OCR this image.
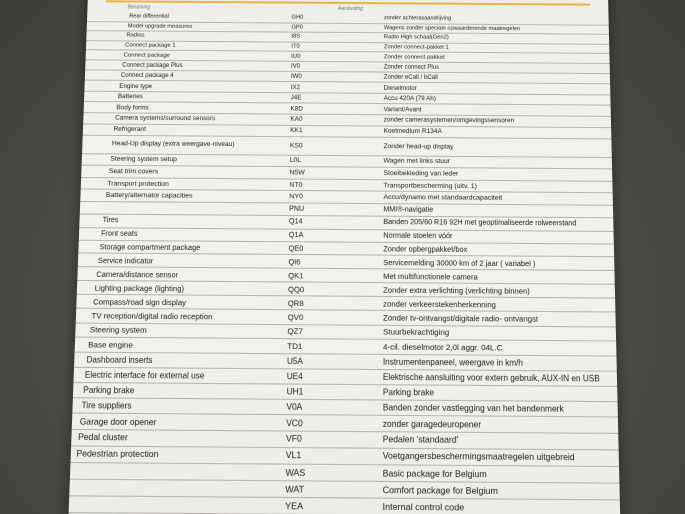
Benaming	Aanduiding
Rear differential	GH0	zonder achterasaandrijving
Model upgrade measures	GP0	Wagens zonder speciale opwaarderende maatregelen
Radios	I8S	Radio High schaal(Gen2)
Connect package 1	IT0	Zonder connect-pakket 1
Connect package	IU0	Zonder connect-pakket
Connect package Plus	IV0	Zonder connect Plus
Connect package 4	IW0	Zonder eCall / bCall
Engine type	IX2	Dieselmotor
Batteries	J4E	Accu 420A (79 Ah)
Body forms	K8D	Variant/Avant
Camera systems/surround sensors	KA0	zonder camerasystemen/omgevingssensoren
Refrigerant	KK1	Koelmedium R134A
Head-Up display (extra weergave-niveau)	KS0	Zonder head-up display
Steering system setup	L0L	Wagen met links stuur
Seat trim covers	N5W	Stoelbekleding van leder
Transport protection	NT0	Transportbescherming (uitv. 1)
Battery/alternator capacities	NY0	Accu/dynamo met standaardcapaciteit
	PNU	MMI®-navigatie
Tires	Q14	Banden 205/60 R16 92H met geoptimaliseerde rolweerstand
Front seats	Q1A	Normale stoelen vóór
Storage compartment package	QE0	Zonder opbergpakket/box
Service indicator	QI6	Servicemelding 30000 km of 2 jaar ( variabel )
Camera/distance sensor	QK1	Met multifunctionele camera
Lighting package (lighting)	QQ0	Zonder extra verlichting (verlichting binnen)
Compass/road sign display	QR8	zonder verkeerstekenherkenning
TV reception/digital radio reception	QV0	Zonder tv-ontvangst/digitale radio- ontvangst
Steering system	QZ7	Stuurbekrachtiging
Base engine	TD1	4-cil. dieselmotor 2,0l aggr. 04L.C
Dashboard inserts	U5A	Instrumentenpaneel, weergave in km/h
Electric interface for external use	UE4	Elektrische aansluiting voor extern gebruik, AUX-IN en USB
Parking brake	UH1	Parking brake
Tire suppliers	V0A	Banden zonder vastlegging van het bandenmerk
Garage door opener	VC0	zonder garagedeuropener
Pedal cluster	VF0	Pedalen 'standaard'
Pedestrian protection	VL1	Voetgangersbeschermingsmaatregelen uitgebreid
	WAS	Basic package for Belgium
	WAT	Comfort package for Belgium
	YEA	Internal control code
